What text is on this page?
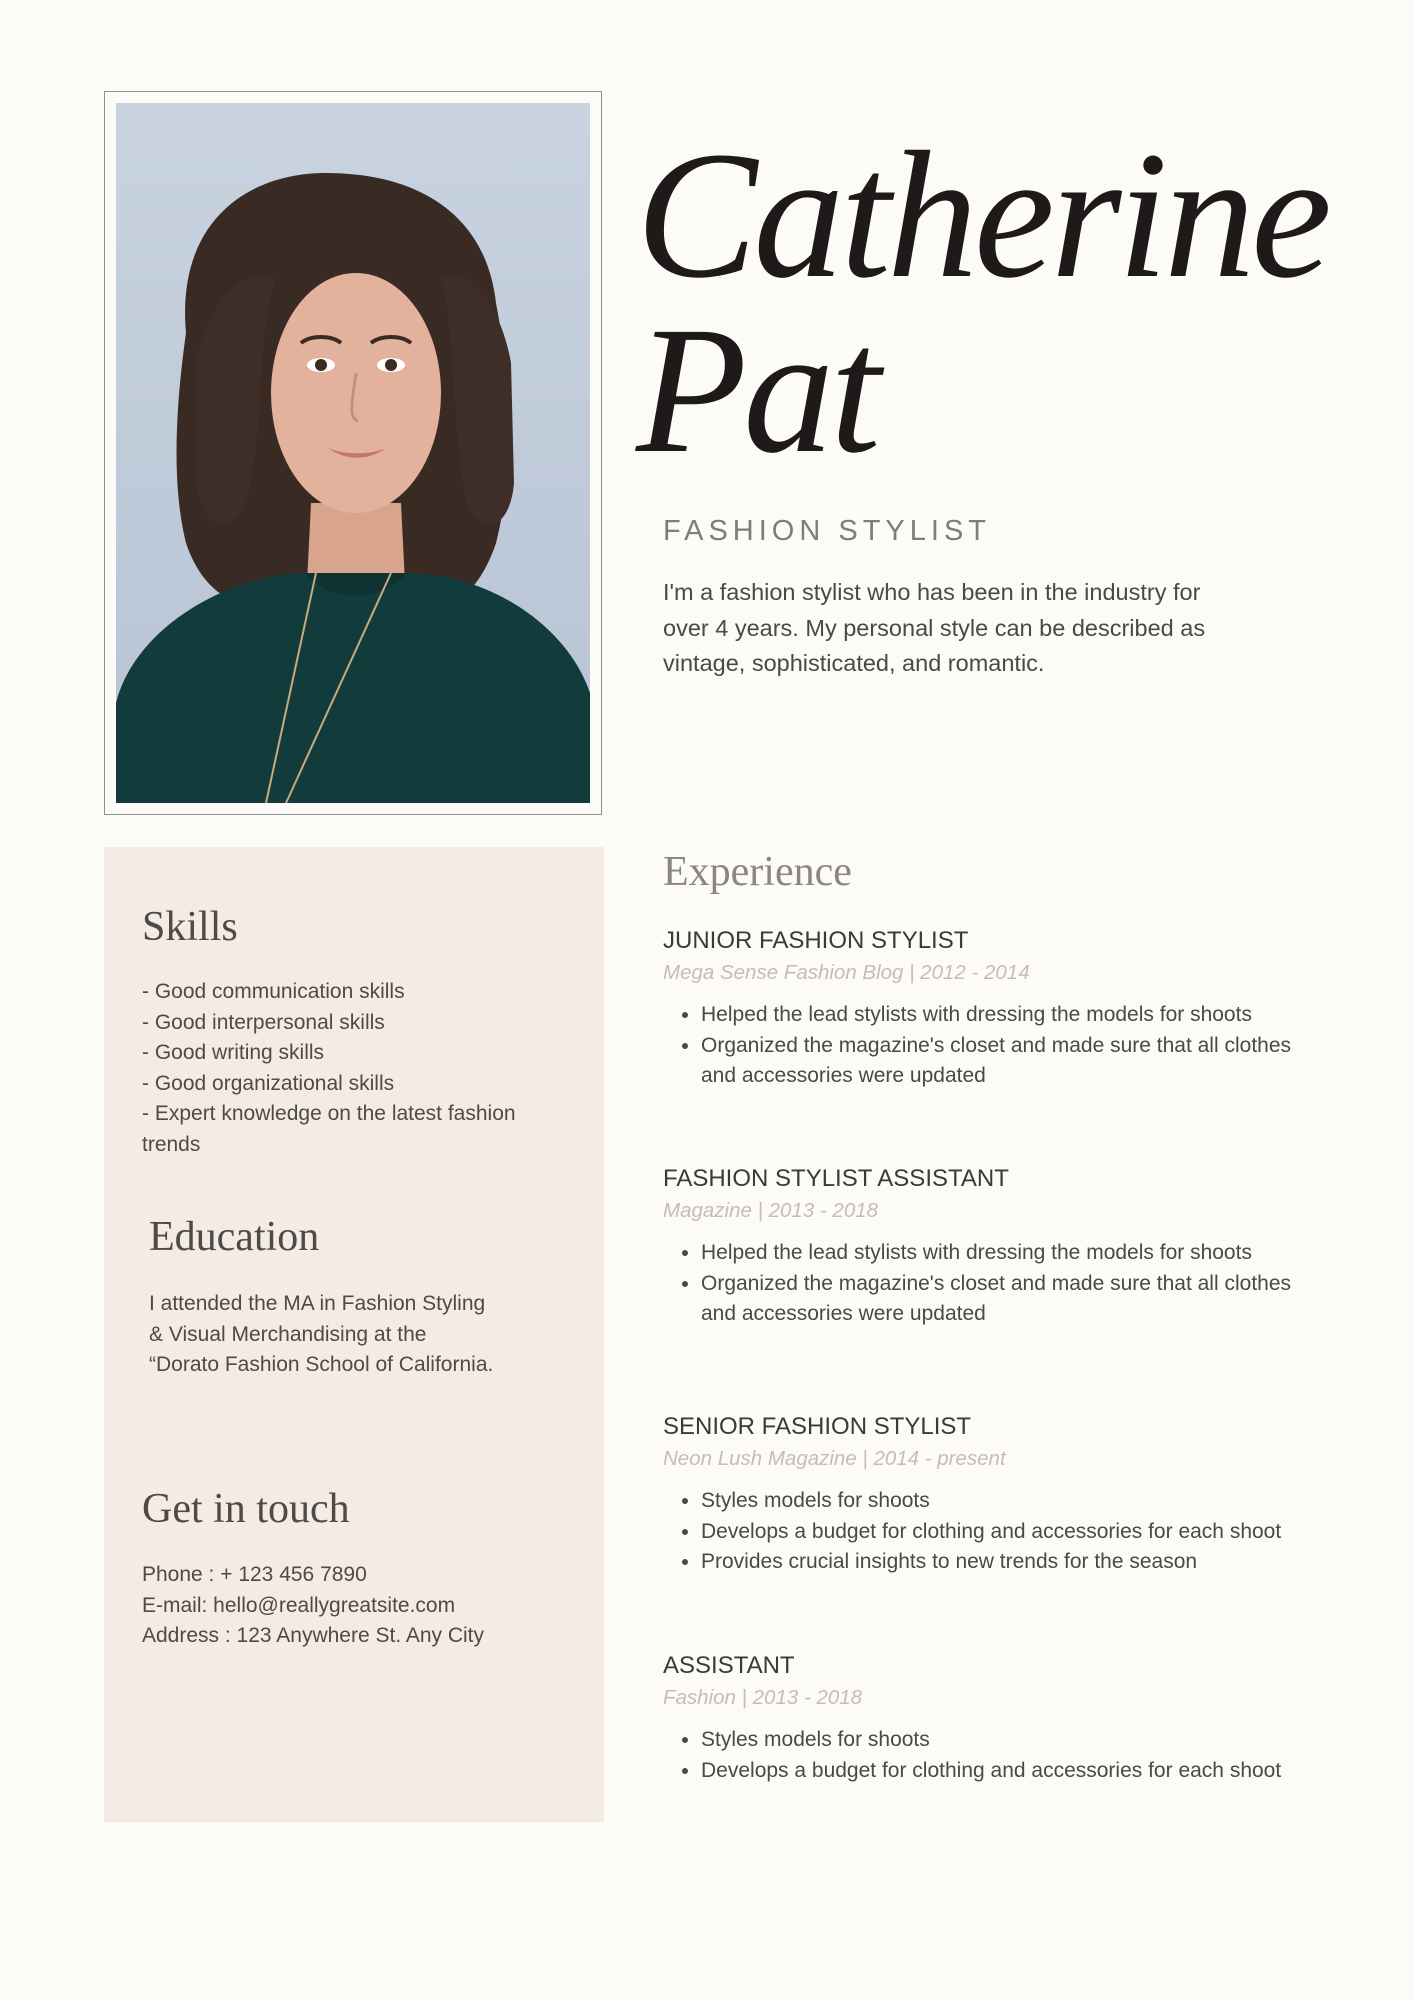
Catherine
Pat
FASHION STYLIST

I'm a fashion stylist who has been in the industry for over 4 years. My personal style can be described as vintage, sophisticated, and romantic.

Skills
- Good communication skills
- Good interpersonal skills
- Good writing skills
- Good organizational skills
- Expert knowledge on the latest fashion trends
Education

I attended the MA in Fashion Styling & Visual Merchandising at the “Dorato Fashion School of California.

Get in touch
Phone : + 123 456 7890
E-mail: hello@reallygreatsite.com
Address : 123 Anywhere St. Any City
Experience
JUNIOR FASHION STYLIST

Mega Sense Fashion Blog | 2012 - 2014

• Helped the lead stylists with dressing the models for shoots
• Organized the magazine's closet and made sure that all clothes and accessories were updated
FASHION STYLIST ASSISTANT

Magazine | 2013 - 2018

• Helped the lead stylists with dressing the models for shoots
• Organized the magazine's closet and made sure that all clothes and accessories were updated
SENIOR FASHION STYLIST

Neon Lush Magazine | 2014 - present

• Styles models for shoots
• Develops a budget for clothing and accessories for each shoot
• Provides crucial insights to new trends for the season
ASSISTANT

Fashion | 2013 - 2018

• Styles models for shoots
• Develops a budget for clothing and accessories for each shoot
